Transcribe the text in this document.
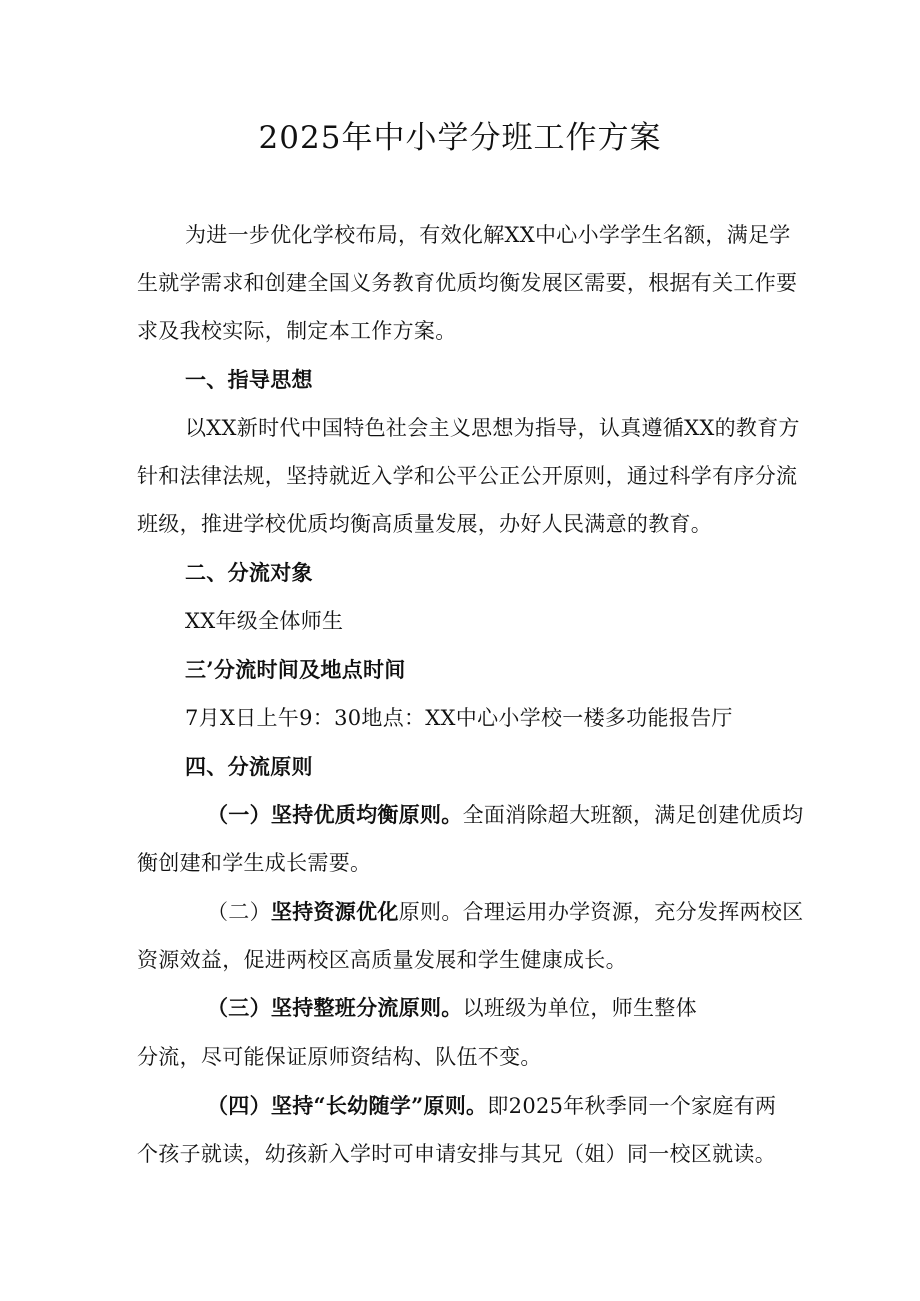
2025年中小学分班工作方案
为进一步优化学校布局，有效化解XX中心小学学生名额，满足学
生就学需求和创建全国义务教育优质均衡发展区需要，根据有关工作要
求及我校实际，制定本工作方案。
一、指导思想
以XX新时代中国特色社会主义思想为指导，认真遵循XX的教育方
针和法律法规，坚持就近入学和公平公正公开原则，通过科学有序分流
班级，推进学校优质均衡高质量发展，办好人民满意的教育。
二、分流对象
XX年级全体师生
三’分流时间及地点时间
7月X日上午9：30地点：XX中心小学校一楼多功能报告厅
四、分流原则
（一）坚持优质均衡原则。全面消除超大班额，满足创建优质均
衡创建和学生成长需要。
（二）坚持资源优化原则。合理运用办学资源，充分发挥两校区
资源效益，促进两校区高质量发展和学生健康成长。
（三）坚持整班分流原则。以班级为单位，师生整体
分流，尽可能保证原师资结构、队伍不变。
（四）坚持“长幼随学”原则。即2025年秋季同一个家庭有两
个孩子就读，幼孩新入学时可申请安排与其兄（姐）同一校区就读。
